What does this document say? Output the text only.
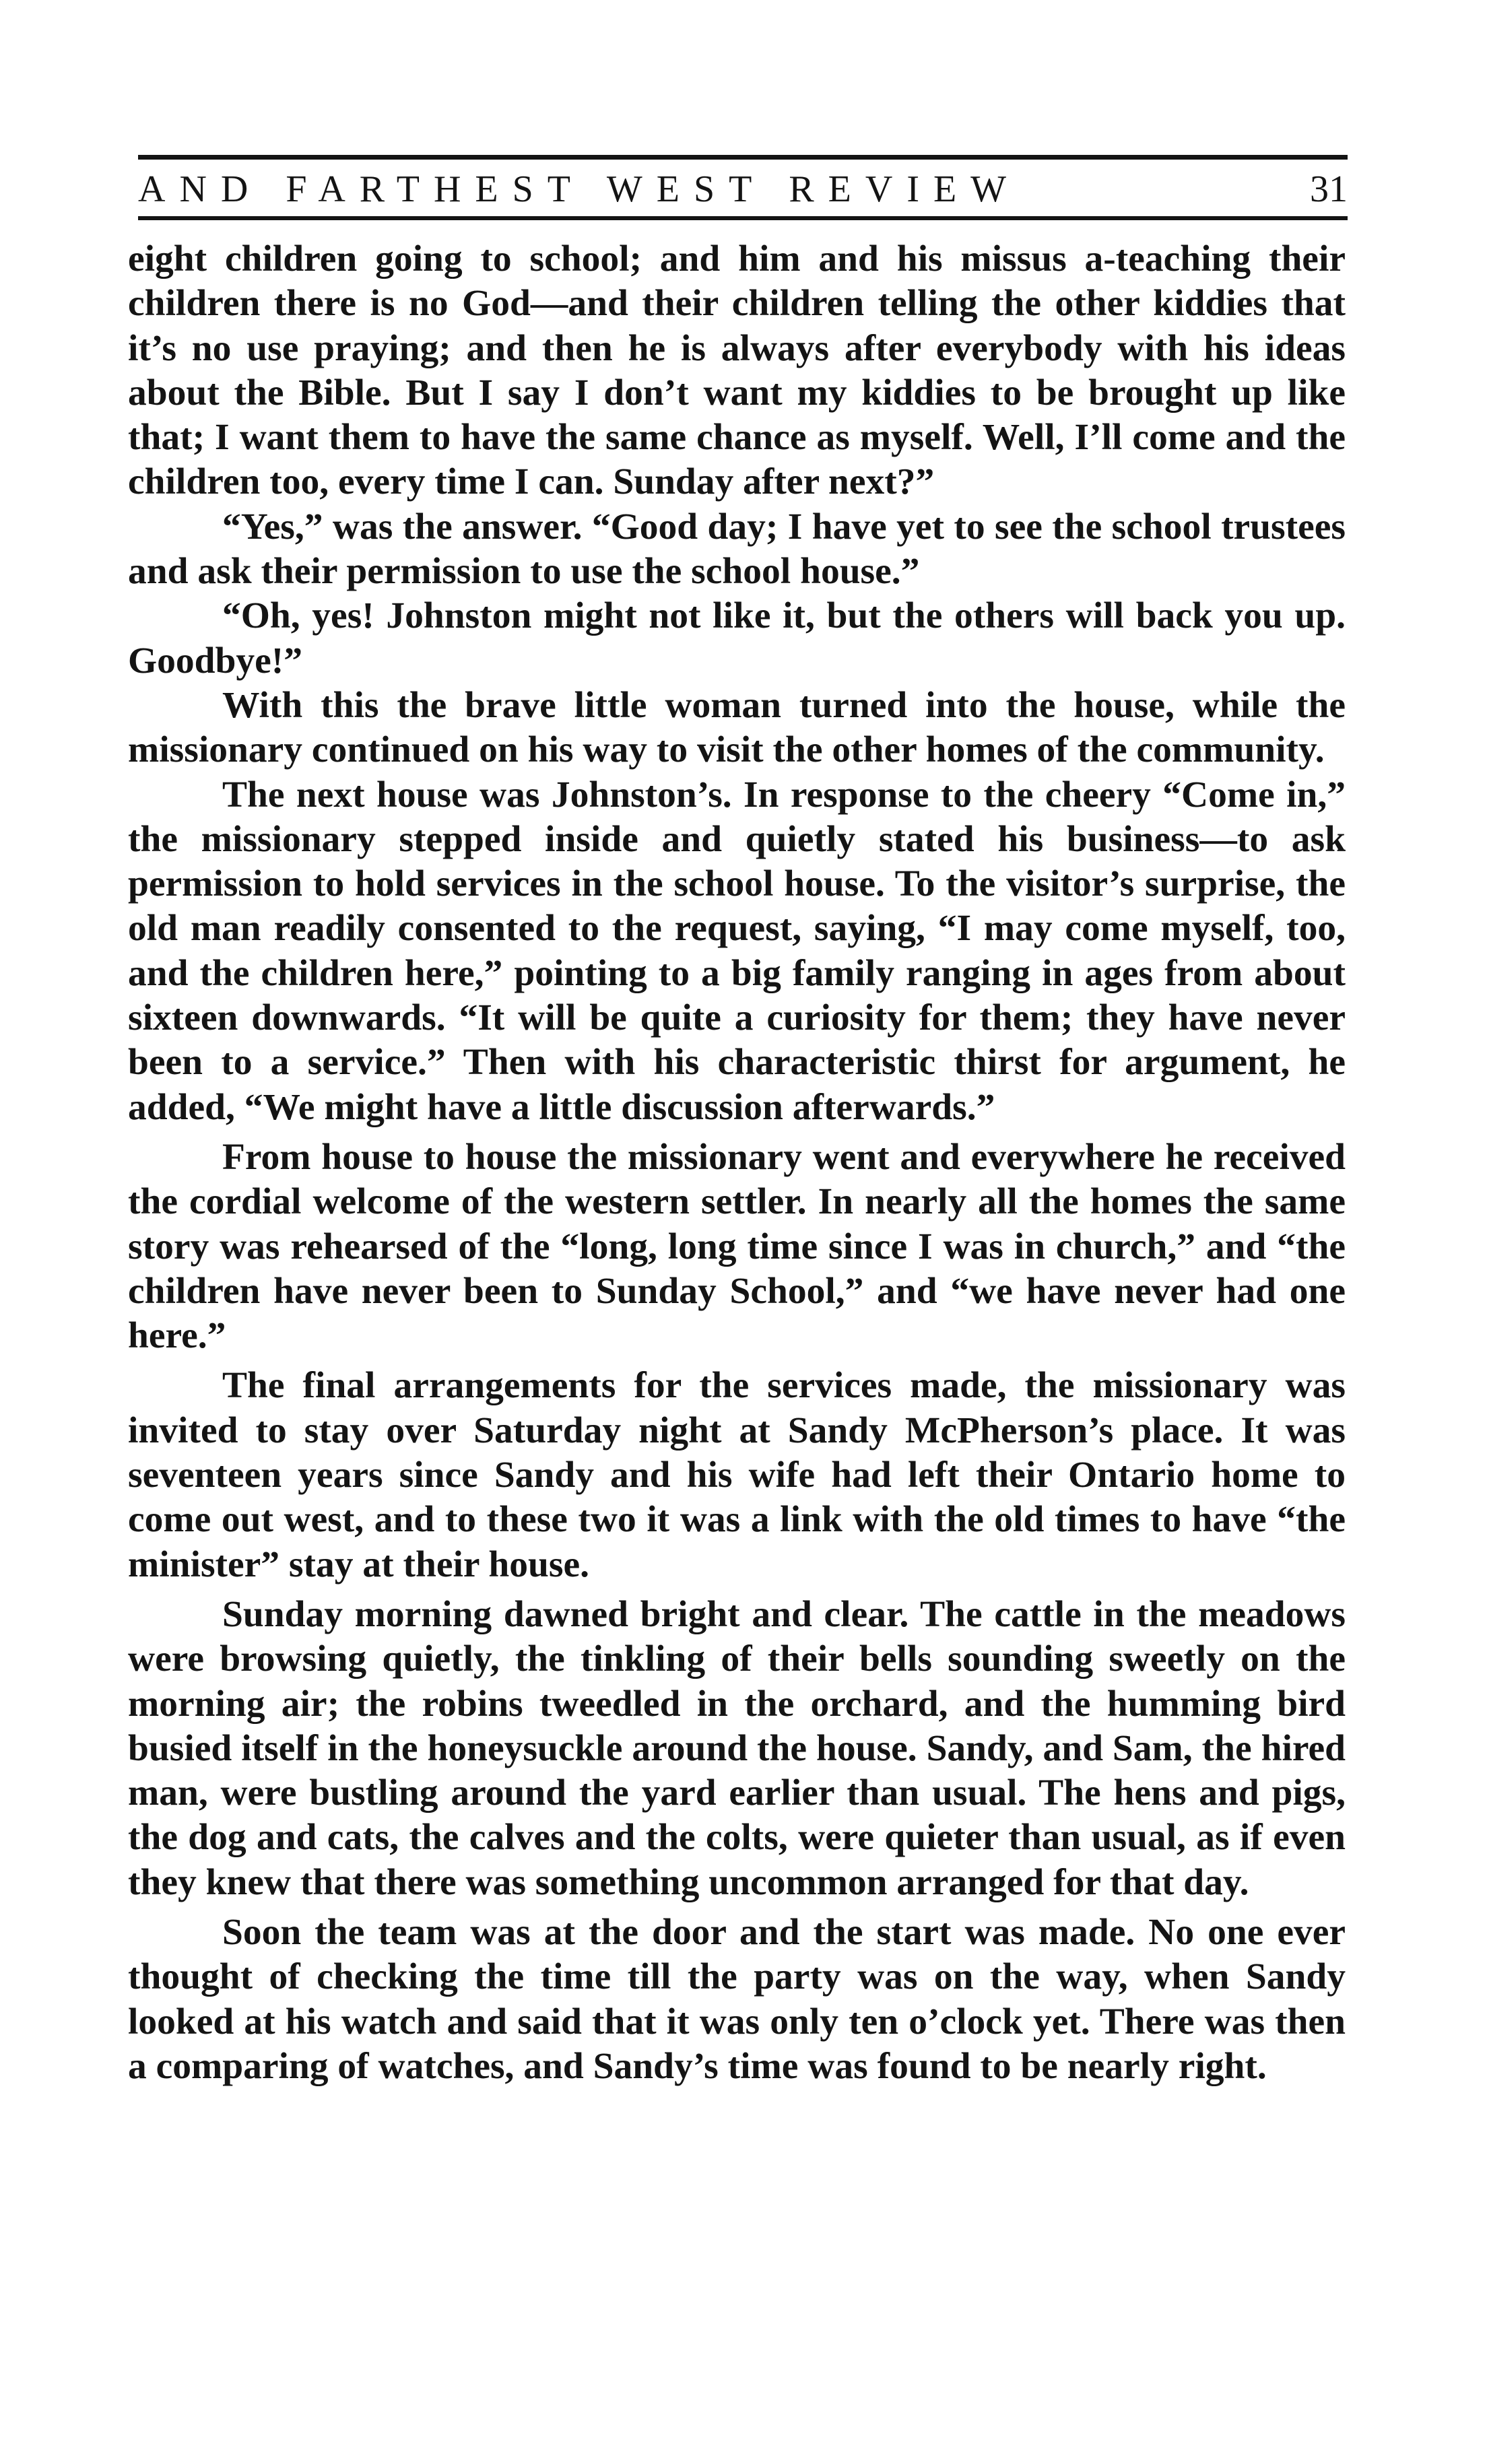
AND FARTHEST WEST REVIEW	31

eight children going to school; and him and his missus a-teaching their children there is no God—and their children telling the other kiddies that it’s no use praying; and then he is always after everybody with his ideas about the Bible. But I say I don’t want my kiddies to be brought up like that; I want them to have the same chance as myself. Well, I’ll come and the children too, every time I can. Sunday after next?”

“Yes,” was the answer. “Good day; I have yet to see the school trustees and ask their permission to use the school house.”

“Oh, yes! Johnston might not like it, but the others will back you up. Goodbye!”

With this the brave little woman turned into the house, while the missionary continued on his way to visit the other homes of the community.

The next house was Johnston’s. In response to the cheery “Come in,” the missionary stepped inside and quietly stated his business—to ask permission to hold services in the school house. To the visitor’s surprise, the old man readily consented to the request, saying, “I may come myself, too, and the children here,” pointing to a big family ranging in ages from about sixteen downwards. “It will be quite a curiosity for them; they have never been to a service.” Then with his characteristic thirst for argument, he added, “We might have a little discussion afterwards.”

From house to house the missionary went and everywhere he received the cordial welcome of the western settler. In nearly all the homes the same story was rehearsed of the “long, long time since I was in church,” and “the children have never been to Sunday School,” and “we have never had one here.”

The final arrangements for the services made, the missionary was invited to stay over Saturday night at Sandy McPherson’s place. It was seventeen years since Sandy and his wife had left their Ontario home to come out west, and to these two it was a link with the old times to have “the minister” stay at their house.

Sunday morning dawned bright and clear. The cattle in the meadows were browsing quietly, the tinkling of their bells sounding sweetly on the morning air; the robins tweedled in the orchard, and the humming bird busied itself in the honeysuckle around the house. Sandy, and Sam, the hired man, were bustling around the yard earlier than usual. The hens and pigs, the dog and cats, the calves and the colts, were quieter than usual, as if even they knew that there was something uncommon arranged for that day.

Soon the team was at the door and the start was made. No one ever thought of checking the time till the party was on the way, when Sandy looked at his watch and said that it was only ten o’clock yet. There was then a comparing of watches, and Sandy’s time was found to be nearly right.
